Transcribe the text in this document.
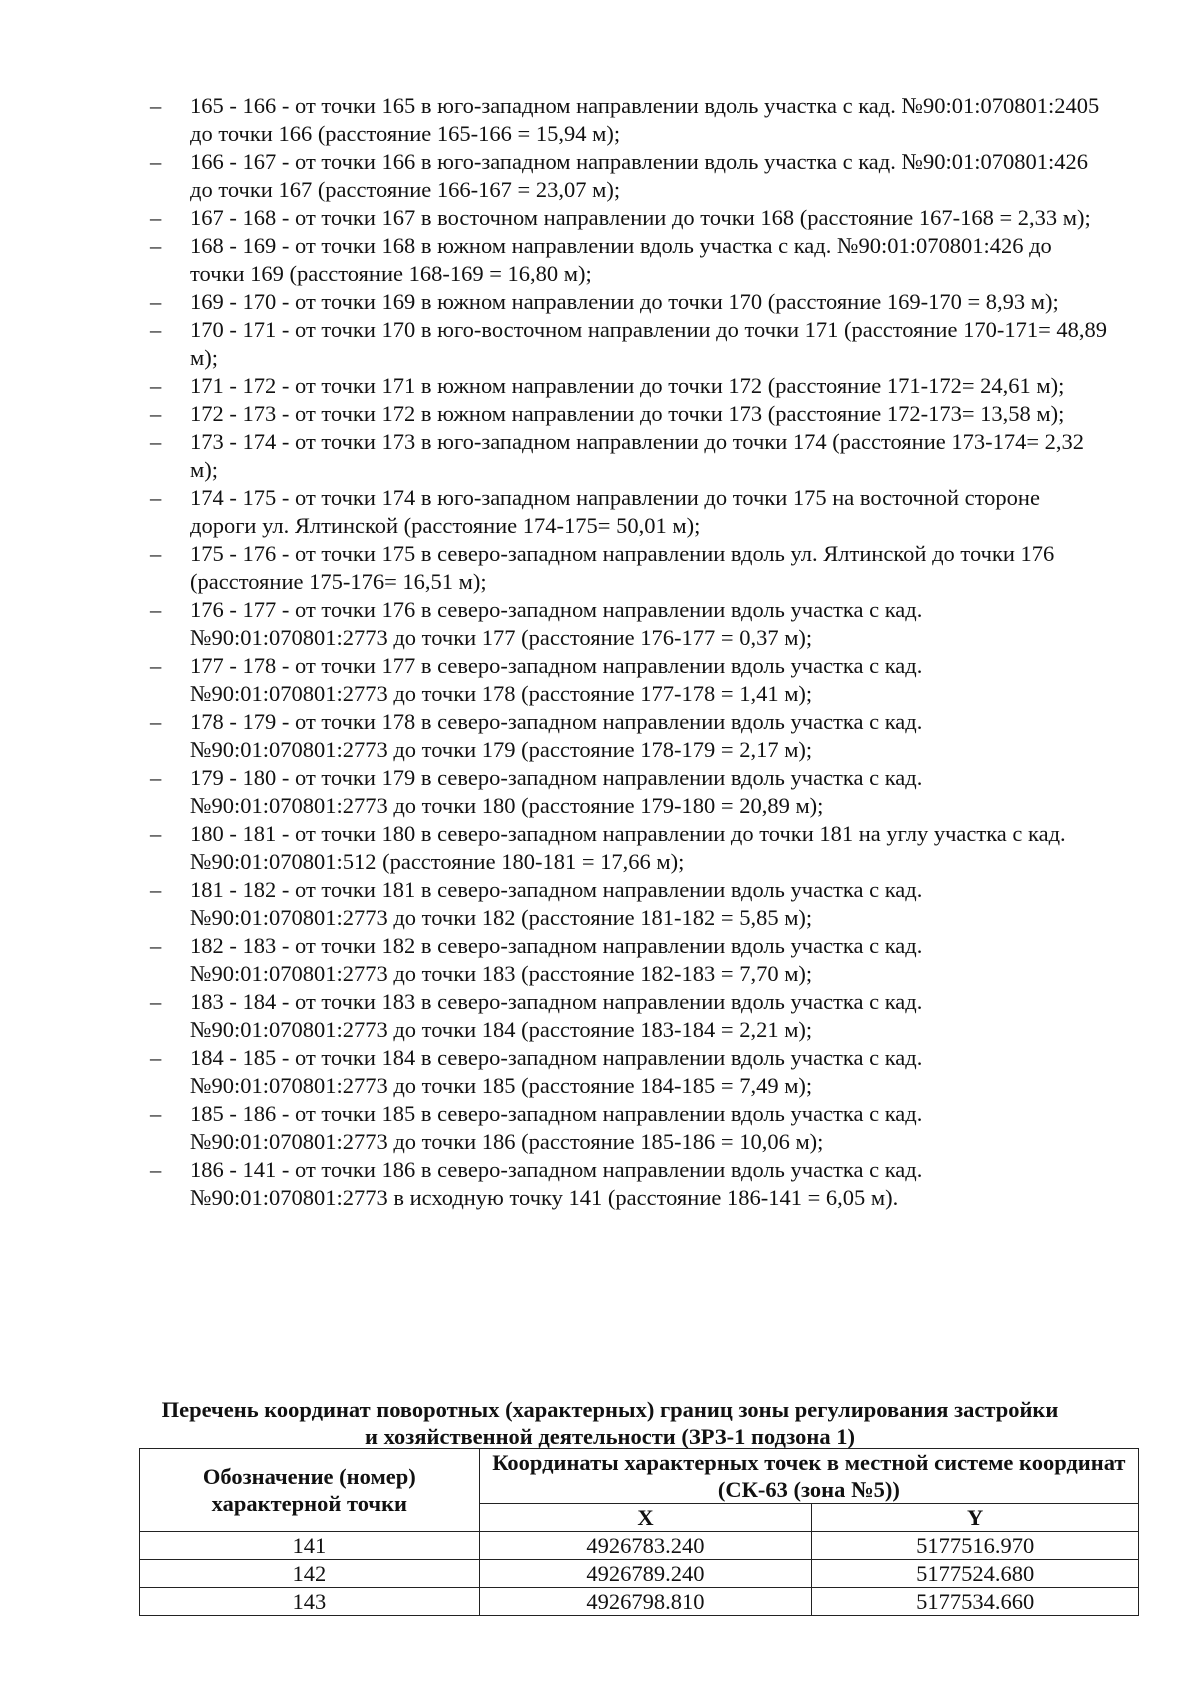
– 165 - 166 - от точки 165 в юго-западном направлении вдоль участка с кад. №90:01:070801:2405 до точки 166 (расстояние 165-166 = 15,94 м);
– 166 - 167 - от точки 166 в юго-западном направлении вдоль участка с кад. №90:01:070801:426 до точки 167 (расстояние 166-167 = 23,07 м);
– 167 - 168 - от точки 167 в восточном направлении до точки 168 (расстояние 167-168 = 2,33 м);
– 168 - 169 - от точки 168 в южном направлении вдоль участка с кад. №90:01:070801:426 до точки 169 (расстояние 168-169 = 16,80 м);
– 169 - 170 - от точки 169 в южном направлении до точки 170 (расстояние 169-170 = 8,93 м);
– 170 - 171 - от точки 170 в юго-восточном направлении до точки 171 (расстояние 170-171= 48,89 м);
– 171 - 172 - от точки 171 в южном направлении до точки 172 (расстояние 171-172= 24,61 м);
– 172 - 173 - от точки 172 в южном направлении до точки 173 (расстояние 172-173= 13,58 м);
– 173 - 174 - от точки 173 в юго-западном направлении до точки 174 (расстояние 173-174= 2,32 м);
– 174 - 175 - от точки 174 в юго-западном направлении до точки 175 на восточной стороне дороги ул. Ялтинской (расстояние 174-175= 50,01 м);
– 175 - 176 - от точки 175 в северо-западном направлении вдоль ул. Ялтинской до точки 176 (расстояние 175-176= 16,51 м);
– 176 - 177 - от точки 176 в северо-западном направлении вдоль участка с кад. №90:01:070801:2773 до точки 177 (расстояние 176-177 = 0,37 м);
– 177 - 178 - от точки 177 в северо-западном направлении вдоль участка с кад. №90:01:070801:2773 до точки 178 (расстояние 177-178 = 1,41 м);
– 178 - 179 - от точки 178 в северо-западном направлении вдоль участка с кад. №90:01:070801:2773 до точки 179 (расстояние 178-179 = 2,17 м);
– 179 - 180 - от точки 179 в северо-западном направлении вдоль участка с кад. №90:01:070801:2773 до точки 180 (расстояние 179-180 = 20,89 м);
– 180 - 181 - от точки 180 в северо-западном направлении до точки 181 на углу участка с кад. №90:01:070801:512 (расстояние 180-181 = 17,66 м);
– 181 - 182 - от точки 181 в северо-западном направлении вдоль участка с кад. №90:01:070801:2773 до точки 182 (расстояние 181-182 = 5,85 м);
– 182 - 183 - от точки 182 в северо-западном направлении вдоль участка с кад. №90:01:070801:2773 до точки 183 (расстояние 182-183 = 7,70 м);
– 183 - 184 - от точки 183 в северо-западном направлении вдоль участка с кад. №90:01:070801:2773 до точки 184 (расстояние 183-184 = 2,21 м);
– 184 - 185 - от точки 184 в северо-западном направлении вдоль участка с кад. №90:01:070801:2773 до точки 185 (расстояние 184-185 = 7,49 м);
– 185 - 186 - от точки 185 в северо-западном направлении вдоль участка с кад. №90:01:070801:2773 до точки 186 (расстояние 185-186 = 10,06 м);
– 186 - 141 - от точки 186 в северо-западном направлении вдоль участка с кад. №90:01:070801:2773 в исходную точку 141 (расстояние 186-141 = 6,05 м).
Перечень координат поворотных (характерных) границ зоны регулирования застройки
и хозяйственной деятельности (ЗРЗ-1 подзона 1)
Обозначение (номер) характерной точки	Координаты характерных точек в местной системе координат (СК-63 (зона №5))	
	X	Y
141	4926783.240	5177516.970
142	4926789.240	5177524.680
143	4926798.810	5177534.660
